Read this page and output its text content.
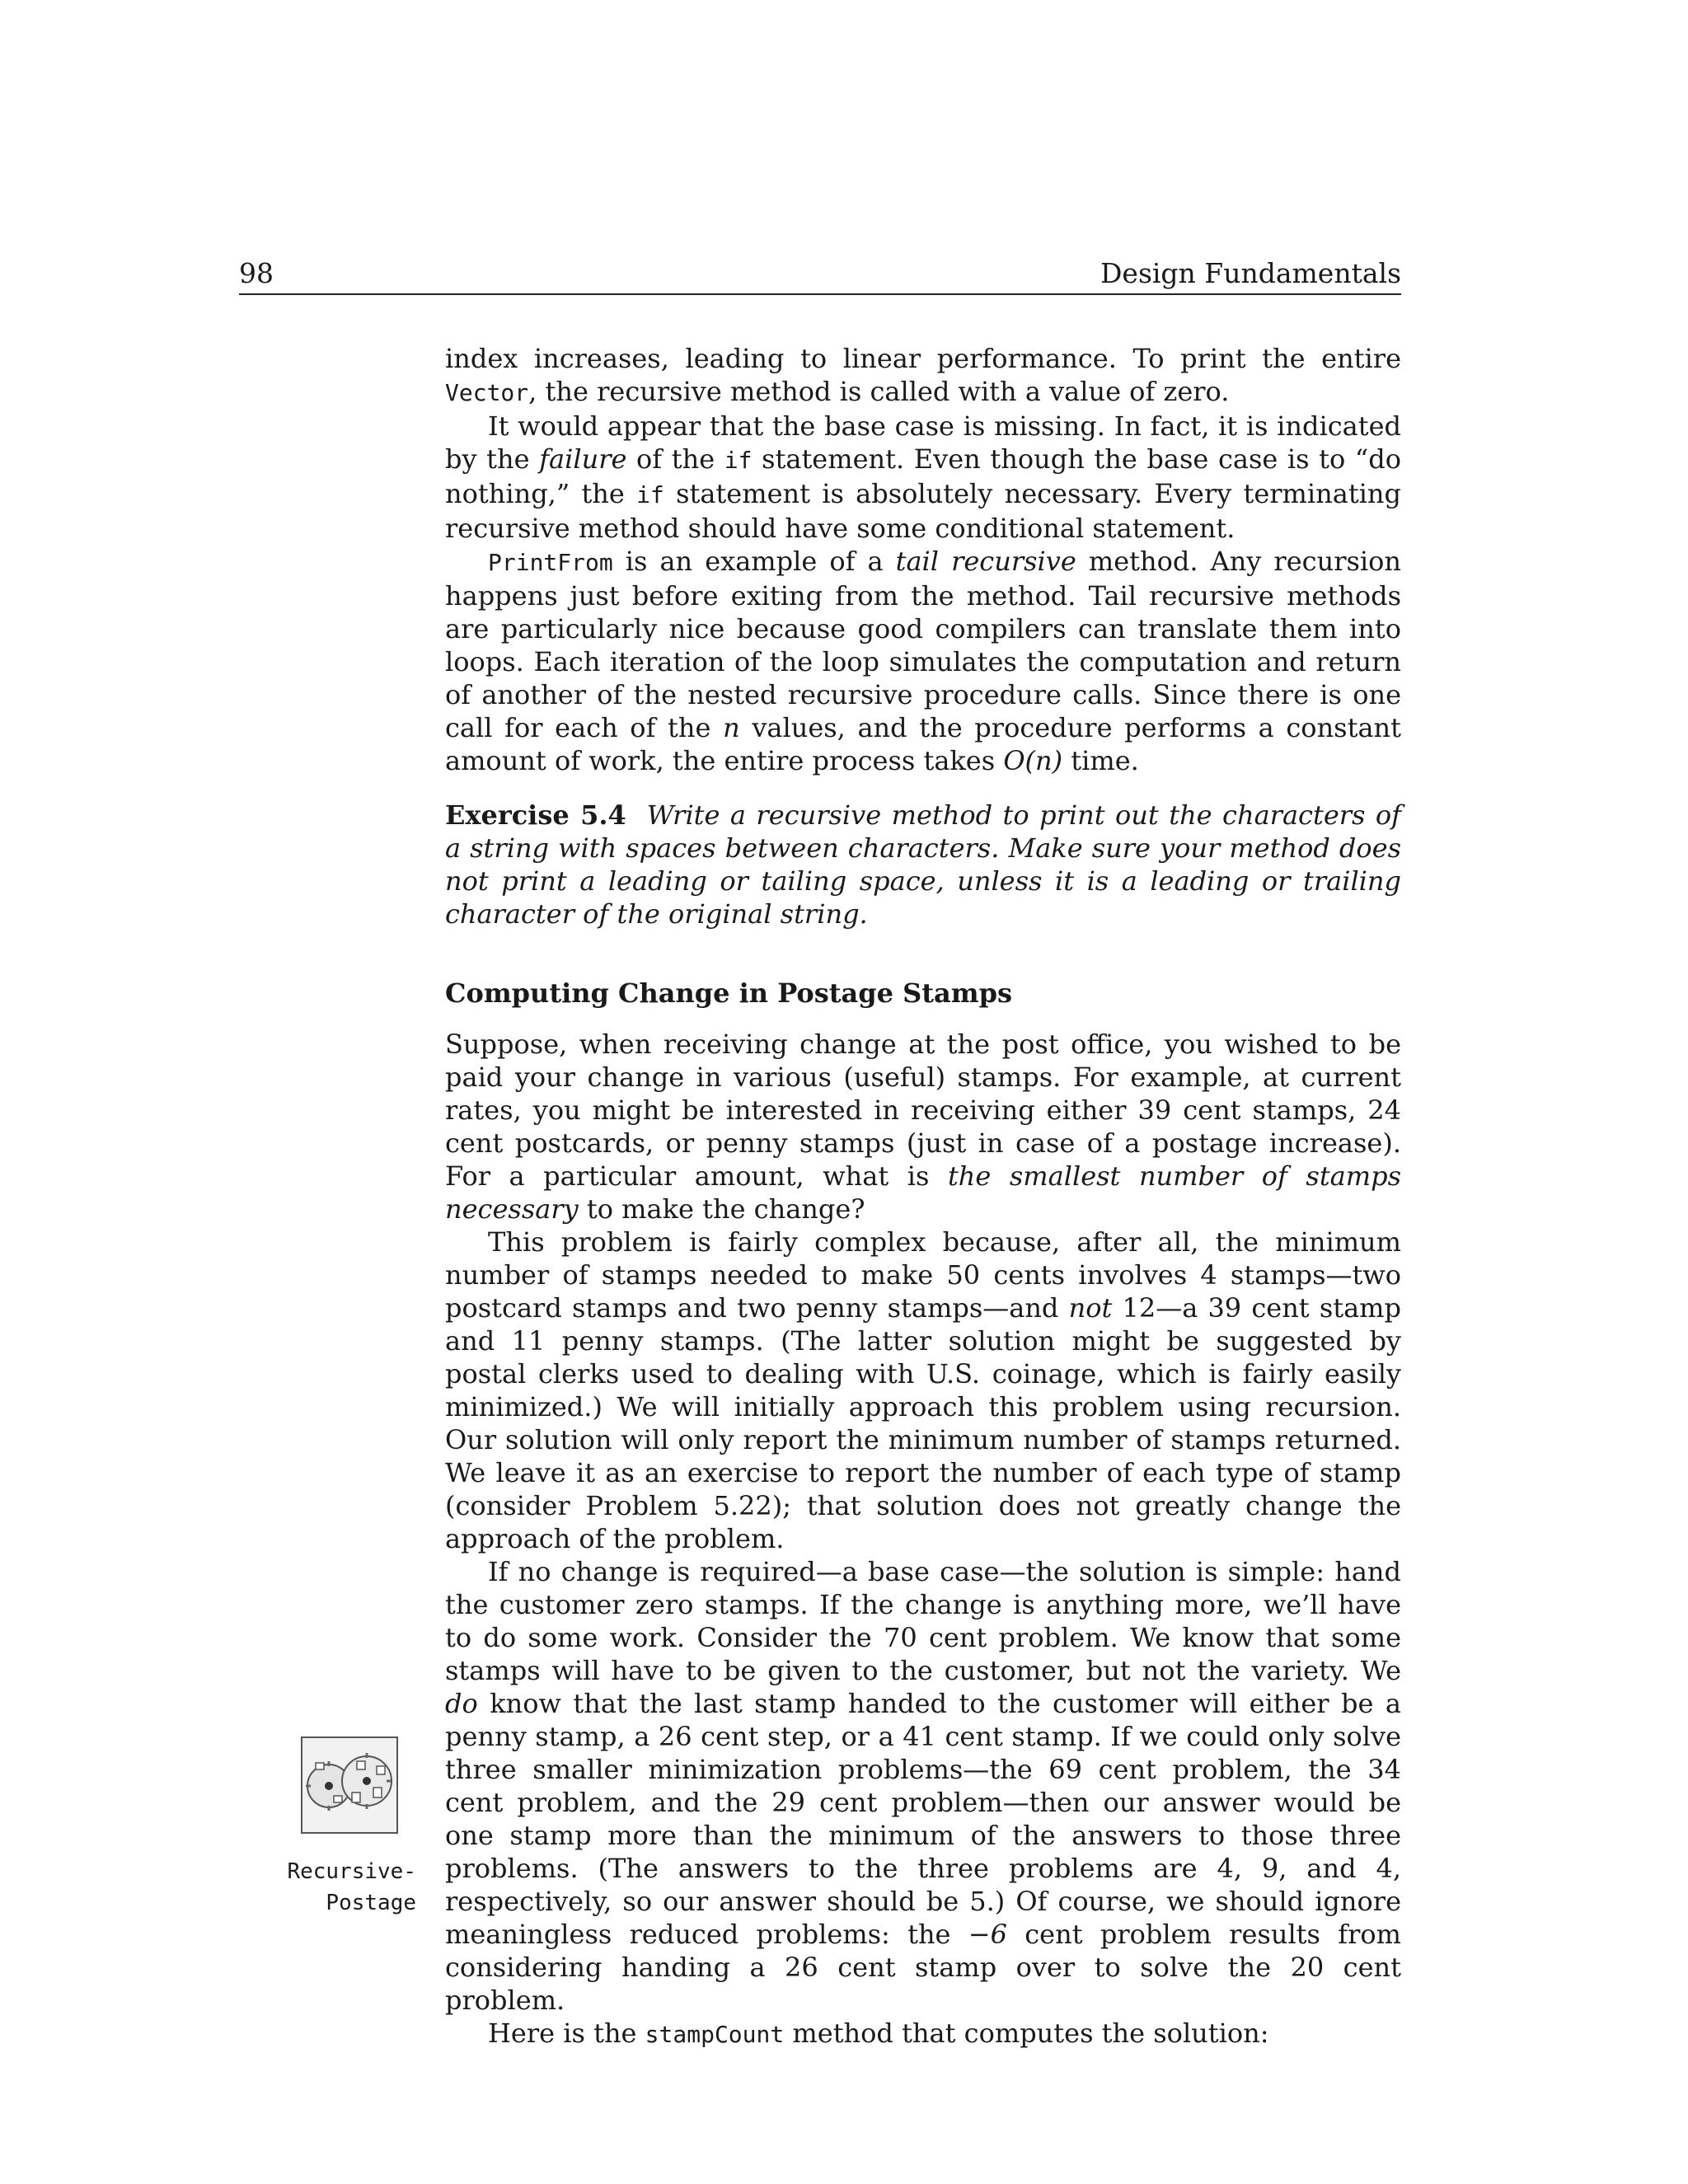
98	Design Fundamentals

index increases, leading to linear performance. To print the entire Vector, the recursive method is called with a value of zero.

It would appear that the base case is missing. In fact, it is indicated by the failure of the if statement. Even though the base case is to “do nothing,” the if statement is absolutely necessary. Every terminating recursive method should have some conditional statement.

PrintFrom is an example of a tail recursive method. Any recursion happens just before exiting from the method. Tail recursive methods are particularly nice because good compilers can translate them into loops. Each iteration of the loop simulates the computation and return of another of the nested recursive procedure calls. Since there is one call for each of the n values, and the procedure performs a constant amount of work, the entire process takes O(n) time.

Exercise 5.4 Write a recursive method to print out the characters of a string with spaces between characters. Make sure your method does not print a leading or tailing space, unless it is a leading or trailing character of the original string.

Computing Change in Postage Stamps

Suppose, when receiving change at the post office, you wished to be paid your change in various (useful) stamps. For example, at current rates, you might be interested in receiving either 39 cent stamps, 24 cent postcards, or penny stamps (just in case of a postage increase). For a particular amount, what is the smallest number of stamps necessary to make the change?

This problem is fairly complex because, after all, the minimum number of stamps needed to make 50 cents involves 4 stamps—two postcard stamps and two penny stamps—and not 12—a 39 cent stamp and 11 penny stamps. (The latter solution might be suggested by postal clerks used to dealing with U.S. coinage, which is fairly easily minimized.) We will initially approach this problem using recursion. Our solution will only report the minimum number of stamps returned. We leave it as an exercise to report the number of each type of stamp (consider Problem 5.22); that solution does not greatly change the approach of the problem.

If no change is required—a base case—the solution is simple: hand the customer zero stamps. If the change is anything more, we’ll have to do some work. Consider the 70 cent problem. We know that some stamps will have to be given to the customer, but not the variety. We do know that the last stamp handed to the customer will either be a penny stamp, a 26 cent step, or a 41 cent stamp. If we could only solve three smaller minimization problems—the 69 cent problem, the 34 cent problem, and the 29 cent problem—then our answer would be one stamp more than the minimum of the answers to those three problems. (The answers to the three problems are 4, 9, and 4, respectively, so our answer should be 5.) Of course, we should ignore meaningless reduced problems: the −6 cent problem results from considering handing a 26 cent stamp over to solve the 20 cent problem.

Here is the stampCount method that computes the solution:

Recursive-
Postage
